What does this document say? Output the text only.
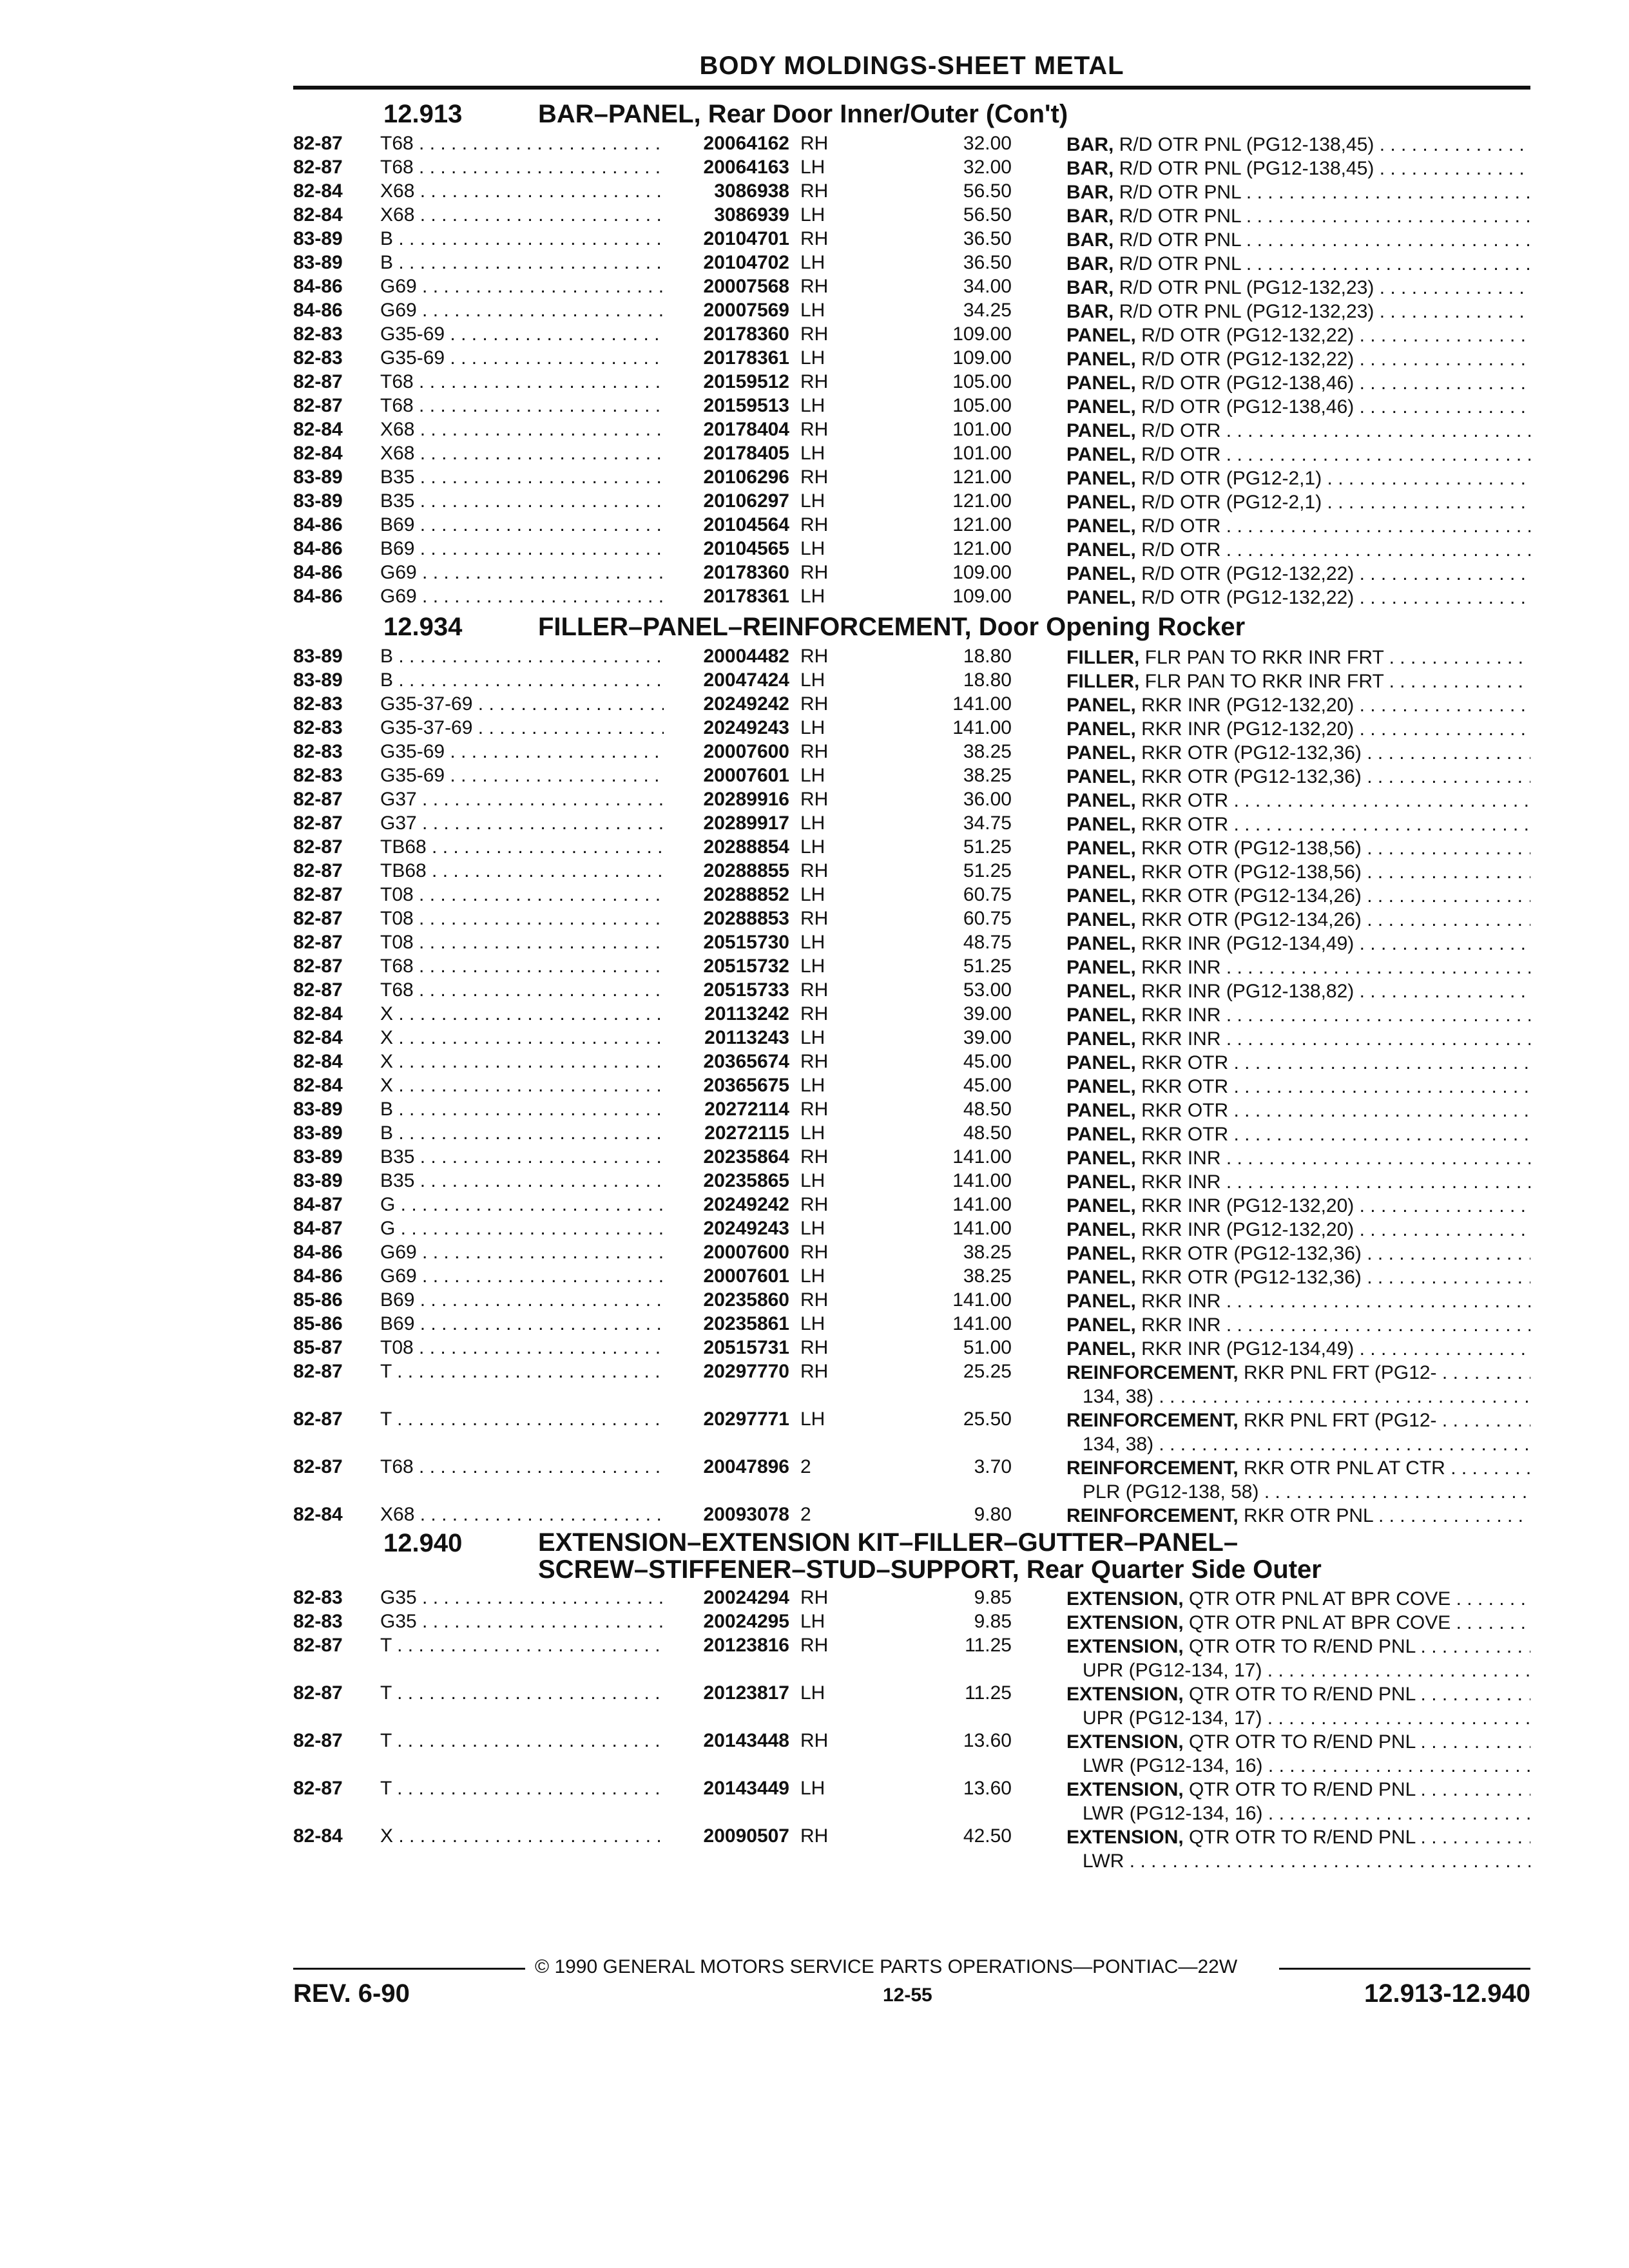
BODY MOLDINGS-SHEET METAL
12.913	BAR–PANEL, Rear Door Inner/Outer (Con't)
82-87 T68 . . .	20064162 RH	32.00	BAR, R/D OTR PNL (PG12-138,45) . . .
82-87 T68 . . .	20064163 LH	32.00	BAR, R/D OTR PNL (PG12-138,45) . . .
82-84 X68 . . .	3086938 RH	56.50	BAR, R/D OTR PNL . . .
82-84 X68 . . .	3086939 LH	56.50	BAR, R/D OTR PNL . . .
83-89 B . . .	20104701 RH	36.50	BAR, R/D OTR PNL . . .
83-89 B . . .	20104702 LH	36.50	BAR, R/D OTR PNL . . .
84-86 G69 . . .	20007568 RH	34.00	BAR, R/D OTR PNL (PG12-132,23) . . .
84-86 G69 . . .	20007569 LH	34.25	BAR, R/D OTR PNL (PG12-132,23) . . .
82-83 G35-69 . . .	20178360 RH	109.00	PANEL, R/D OTR (PG12-132,22) . . .
82-83 G35-69 . . .	20178361 LH	109.00	PANEL, R/D OTR (PG12-132,22) . . .
82-87 T68 . . .	20159512 RH	105.00	PANEL, R/D OTR (PG12-138,46) . . .
82-87 T68 . . .	20159513 LH	105.00	PANEL, R/D OTR (PG12-138,46) . . .
82-84 X68 . . .	20178404 RH	101.00	PANEL, R/D OTR . . .
82-84 X68 . . .	20178405 LH	101.00	PANEL, R/D OTR . . .
83-89 B35 . . .	20106296 RH	121.00	PANEL, R/D OTR (PG12-2,1) . . .
83-89 B35 . . .	20106297 LH	121.00	PANEL, R/D OTR (PG12-2,1) . . .
84-86 B69 . . .	20104564 RH	121.00	PANEL, R/D OTR . . .
84-86 B69 . . .	20104565 LH	121.00	PANEL, R/D OTR . . .
84-86 G69 . . .	20178360 RH	109.00	PANEL, R/D OTR (PG12-132,22) . . .
84-86 G69 . . .	20178361 LH	109.00	PANEL, R/D OTR (PG12-132,22) . . .
12.934	FILLER–PANEL–REINFORCEMENT, Door Opening Rocker
83-89 B . . .	20004482 RH	18.80	FILLER, FLR PAN TO RKR INR FRT . . .
83-89 B . . .	20047424 LH	18.80	FILLER, FLR PAN TO RKR INR FRT . . .
82-83 G35-37-69 . . .	20249242 RH	141.00	PANEL, RKR INR (PG12-132,20) . . .
82-83 G35-37-69 . . .	20249243 LH	141.00	PANEL, RKR INR (PG12-132,20) . . .
82-83 G35-69 . . .	20007600 RH	38.25	PANEL, RKR OTR (PG12-132,36) . . .
82-83 G35-69 . . .	20007601 LH	38.25	PANEL, RKR OTR (PG12-132,36) . . .
82-87 G37 . . .	20289916 RH	36.00	PANEL, RKR OTR . . .
82-87 G37 . . .	20289917 LH	34.75	PANEL, RKR OTR . . .
82-87 TB68 . . .	20288854 LH	51.25	PANEL, RKR OTR (PG12-138,56) . . .
82-87 TB68 . . .	20288855 RH	51.25	PANEL, RKR OTR (PG12-138,56) . . .
82-87 T08 . . .	20288852 LH	60.75	PANEL, RKR OTR (PG12-134,26) . . .
82-87 T08 . . .	20288853 RH	60.75	PANEL, RKR OTR (PG12-134,26) . . .
82-87 T08 . . .	20515730 LH	48.75	PANEL, RKR INR (PG12-134,49) . . .
82-87 T68 . . .	20515732 LH	51.25	PANEL, RKR INR . . .
82-87 T68 . . .	20515733 RH	53.00	PANEL, RKR INR (PG12-138,82) . . .
82-84 X . . .	20113242 RH	39.00	PANEL, RKR INR . . .
82-84 X . . .	20113243 LH	39.00	PANEL, RKR INR . . .
82-84 X . . .	20365674 RH	45.00	PANEL, RKR OTR . . .
82-84 X . . .	20365675 LH	45.00	PANEL, RKR OTR . . .
83-89 B . . .	20272114 RH	48.50	PANEL, RKR OTR . . .
83-89 B . . .	20272115 LH	48.50	PANEL, RKR OTR . . .
83-89 B35 . . .	20235864 RH	141.00	PANEL, RKR INR . . .
83-89 B35 . . .	20235865 LH	141.00	PANEL, RKR INR . . .
84-87 G . . .	20249242 RH	141.00	PANEL, RKR INR (PG12-132,20) . . .
84-87 G . . .	20249243 LH	141.00	PANEL, RKR INR (PG12-132,20) . . .
84-86 G69 . . .	20007600 RH	38.25	PANEL, RKR OTR (PG12-132,36) . . .
84-86 G69 . . .	20007601 LH	38.25	PANEL, RKR OTR (PG12-132,36) . . .
85-86 B69 . . .	20235860 RH	141.00	PANEL, RKR INR . . .
85-86 B69 . . .	20235861 LH	141.00	PANEL, RKR INR . . .
85-87 T08 . . .	20515731 RH	51.00	PANEL, RKR INR (PG12-134,49) . . .
82-87 T . . .	20297770 RH	25.25	REINFORCEMENT, RKR PNL FRT (PG12- . . .
134, 38) . . .
82-87 T . . .	20297771 LH	25.50	REINFORCEMENT, RKR PNL FRT (PG12- . . .
134, 38) . . .
82-87 T68 . . .	20047896 2	3.70	REINFORCEMENT, RKR OTR PNL AT CTR . . .
PLR (PG12-138, 58) . . .
82-84 X68 . . .	20093078 2	9.80	REINFORCEMENT, RKR OTR PNL . . .
12.940	EXTENSION–EXTENSION KIT–FILLER–GUTTER–PANEL–
SCREW–STIFFENER–STUD–SUPPORT, Rear Quarter Side Outer
82-83 G35 . . .	20024294 RH	9.85	EXTENSION, QTR OTR PNL AT BPR COVE . . .
82-83 G35 . . .	20024295 LH	9.85	EXTENSION, QTR OTR PNL AT BPR COVE . . .
82-87 T . . .	20123816 RH	11.25	EXTENSION, QTR OTR TO R/END PNL . . .
UPR (PG12-134, 17) . . .
82-87 T . . .	20123817 LH	11.25	EXTENSION, QTR OTR TO R/END PNL . . .
UPR (PG12-134, 17) . . .
82-87 T . . .	20143448 RH	13.60	EXTENSION, QTR OTR TO R/END PNL . . .
LWR (PG12-134, 16) . . .
82-87 T . . .	20143449 LH	13.60	EXTENSION, QTR OTR TO R/END PNL . . .
LWR (PG12-134, 16) . . .
82-84 X . . .	20090507 RH	42.50	EXTENSION, QTR OTR TO R/END PNL . . .
LWR . . .
© 1990 GENERAL MOTORS SERVICE PARTS OPERATIONS—PONTIAC—22W
REV. 6-90	12-55	12.913-12.940
